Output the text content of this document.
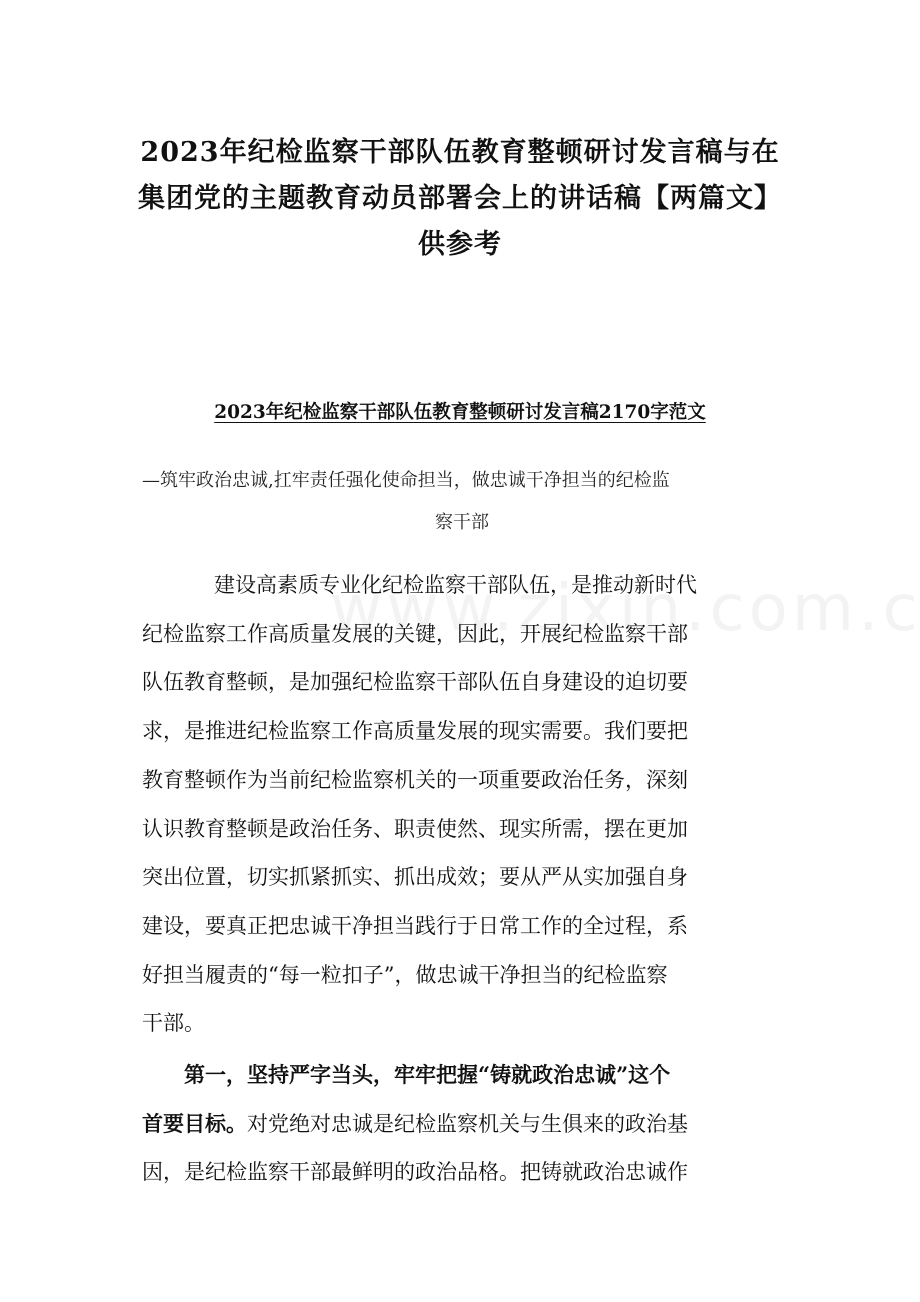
2023年纪检监察干部队伍教育整顿研讨发言稿与在
集团党的主题教育动员部署会上的讲话稿【两篇文】
供参考
2023年纪检监察干部队伍教育整顿研讨发言稿2170字范文
—筑牢政治忠诚,扛牢责任强化使命担当，做忠诚干净担当的纪检监
察干部
建设高素质专业化纪检监察干部队伍，是推动新时代
纪检监察工作高质量发展的关键，因此，开展纪检监察干部
队伍教育整顿，是加强纪检监察干部队伍自身建设的迫切要
求，是推进纪检监察工作高质量发展的现实需要。我们要把
教育整顿作为当前纪检监察机关的一项重要政治任务，深刻
认识教育整顿是政治任务、职责使然、现实所需，摆在更加
突出位置，切实抓紧抓实、抓出成效；要从严从实加强自身
建设，要真正把忠诚干净担当践行于日常工作的全过程，系
好担当履责的“每一粒扣子”，做忠诚干净担当的纪检监察
干部。
第一，坚持严字当头，牢牢把握“铸就政治忠诚”这个
首要目标。对党绝对忠诚是纪检监察机关与生俱来的政治基
因，是纪检监察干部最鲜明的政治品格。把铸就政治忠诚作
